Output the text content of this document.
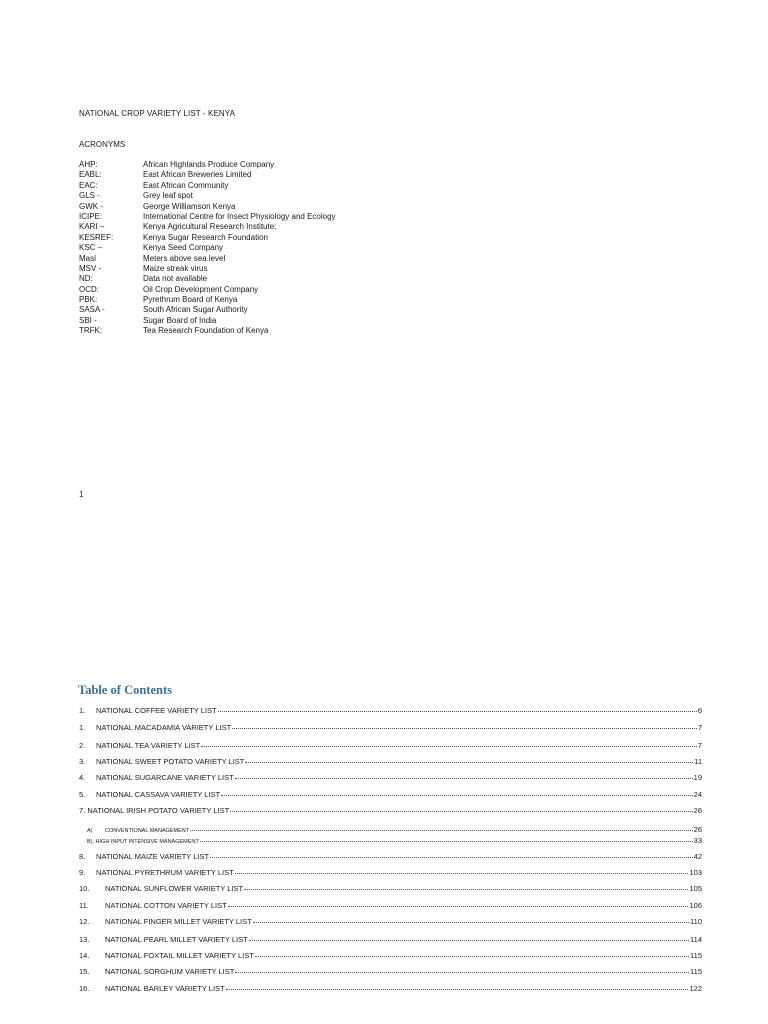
NATIONAL CROP VARIETY LIST - KENYA
ACRONYMS
AHP:	African Highlands Produce Company
EABL:	East African Breweries Limited
EAC:	East African Community
GLS -	Grey leaf spot
GWK -	George Williamson Kenya
ICIPE:	International Centre for Insect Physiology and Ecology
KARI –	Kenya Agricultural Research Institute:
KESREF:	Kenya Sugar Research Foundation
KSC –	Kenya Seed Company
Masl	Meters above sea level
MSV -	Maize streak virus
ND:	Data not available
OCD:	Oil Crop Development Company
PBK:	Pyrethrum Board of Kenya
SASA -	South African Sugar Authority
SBI -	Sugar Board of India
TRFK:	Tea Research Foundation of Kenya
1
Table of Contents
1.	NATIONAL COFFEE VARIETY LIST	6
1.	NATIONAL MACADAMIA VARIETY LIST	7
2.	NATIONAL TEA VARIETY LIST	7
3.	NATIONAL SWEET POTATO VARIETY LIST	11
4.	NATIONAL SUGARCANE VARIETY LIST	19
5.	NATIONAL CASSAVA VARIETY LIST	24
7. NATIONAL IRISH POTATO VARIETY LIST	26
A)	CONVENTIONAL MANAGEMENT	26
B). HIGH INPUT INTENSIVE MANAGEMENT	33
8.	NATIONAL MAIZE VARIETY LIST	42
9.	NATIONAL PYRETHRUM VARIETY LIST	103
10.	NATIONAL SUNFLOWER VARIETY LIST	105
11.	NATIONAL COTTON VARIETY LIST	106
12.	NATIONAL FINGER MILLET VARIETY LIST	110
13.	NATIONAL PEARL MILLET VARIETY LIST	114
14.	NATIONAL FOXTAIL MILLET VARIETY LIST	115
15.	NATIONAL SORGHUM VARIETY LIST	115
16.	NATIONAL BARLEY VARIETY LIST	122
